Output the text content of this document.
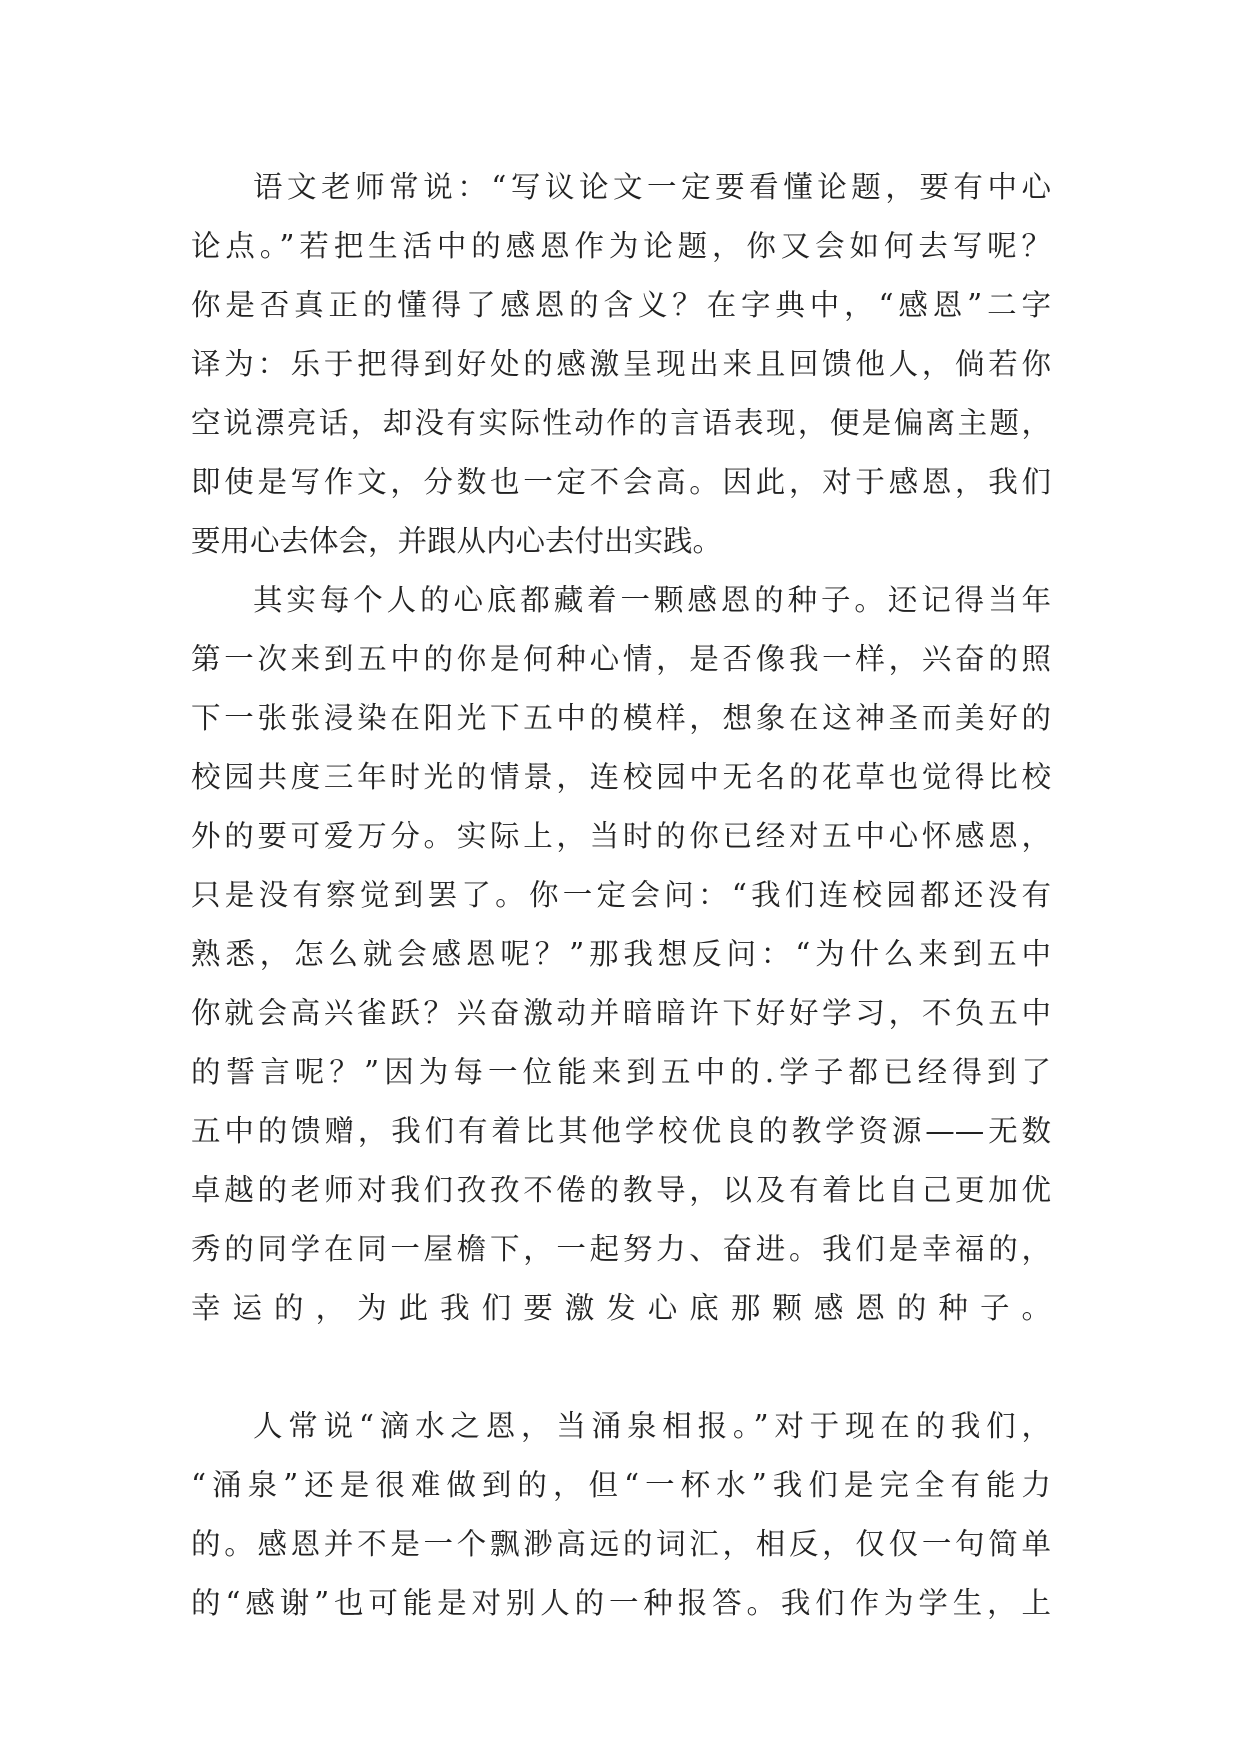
语文老师常说：“写议论文一定要看懂论题，要有中心
论点。”若把生活中的感恩作为论题，你又会如何去写呢？
你是否真正的懂得了感恩的含义？在字典中，“感恩”二字
译为：乐于把得到好处的感激呈现出来且回馈他人，倘若你
空说漂亮话，却没有实际性动作的言语表现，便是偏离主题，
即使是写作文，分数也一定不会高。因此，对于感恩，我们
要用心去体会，并跟从内心去付出实践。
其实每个人的心底都藏着一颗感恩的种子。还记得当年
第一次来到五中的你是何种心情，是否像我一样，兴奋的照
下一张张浸染在阳光下五中的模样，想象在这神圣而美好的
校园共度三年时光的情景，连校园中无名的花草也觉得比校
外的要可爱万分。实际上，当时的你已经对五中心怀感恩，
只是没有察觉到罢了。你一定会问：“我们连校园都还没有
熟悉，怎么就会感恩呢？”那我想反问：“为什么来到五中
你就会高兴雀跃？兴奋激动并暗暗许下好好学习，不负五中
的誓言呢？”因为每一位能来到五中的.学子都已经得到了
五中的馈赠，我们有着比其他学校优良的教学资源——无数
卓越的老师对我们孜孜不倦的教导，以及有着比自己更加优
秀的同学在同一屋檐下，一起努力、奋进。我们是幸福的，
幸运的，为此我们要激发心底那颗感恩的种子。
人常说“滴水之恩，当涌泉相报。”对于现在的我们，
“涌泉”还是很难做到的，但“一杯水”我们是完全有能力
的。感恩并不是一个飘渺高远的词汇，相反，仅仅一句简单
的“感谢”也可能是对别人的一种报答。我们作为学生，上
